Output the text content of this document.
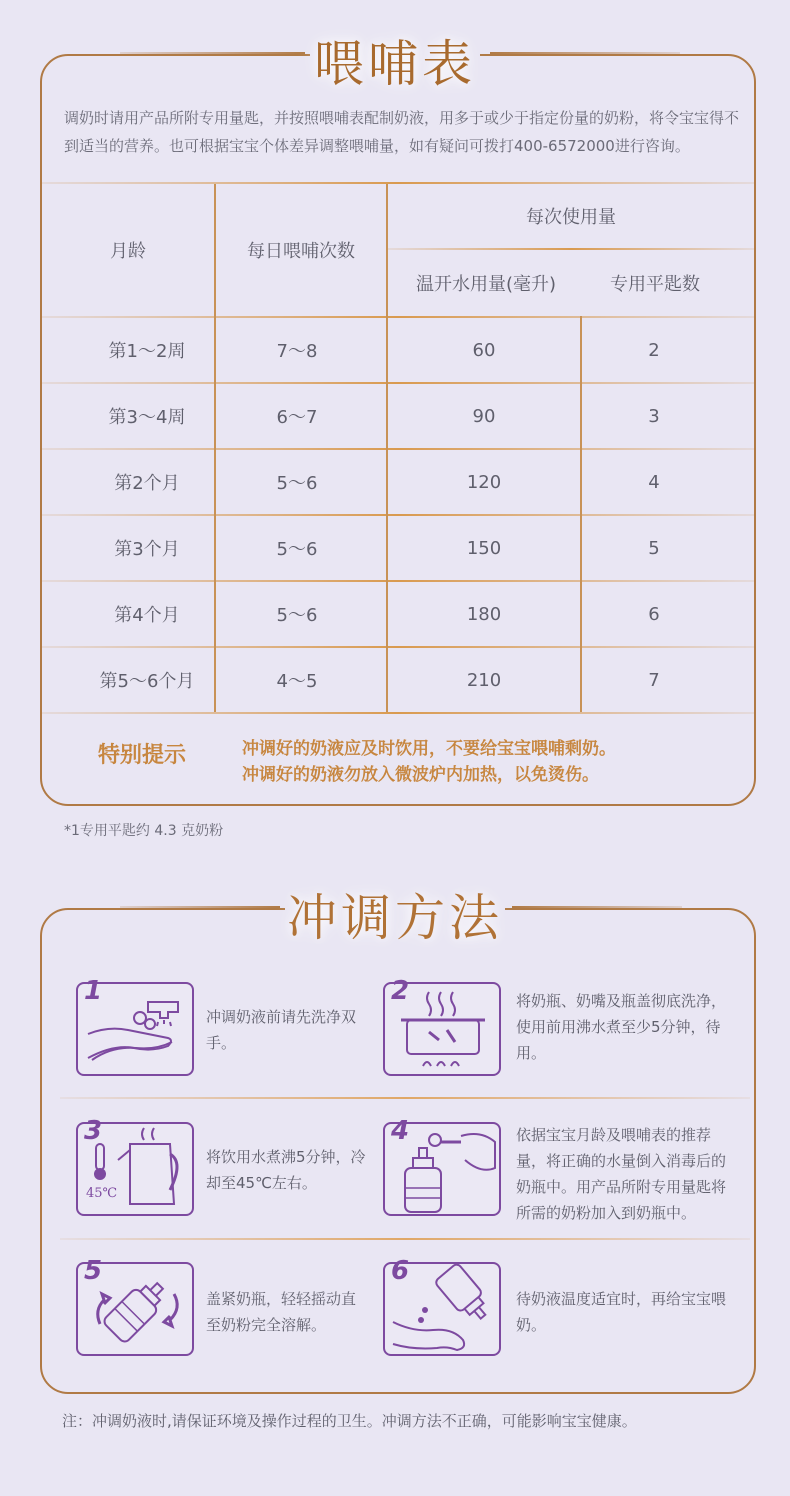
喂哺表
调奶时请用产品所附专用量匙，并按照喂哺表配制奶液，用多于或少于指定份量的奶粉，将令宝宝得不到适当的营养。也可根据宝宝个体差异调整喂哺量，如有疑问可拨打400-6572000进行咨询。
月龄	每日喂哺次数
每次使用量
温开水用量(毫升)	专用平匙数
第1～2周	7～8	60	2
第3～4周	6～7	90	3
第2个月	5～6	120	4
第3个月	5～6	150	5
第4个月	5～6	180	6
第5～6个月	4～5	210	7
特别提示	冲调好的奶液应及时饮用，不要给宝宝喂哺剩奶。
冲调好的奶液勿放入微波炉内加热，以免烫伤。
*1专用平匙约 4.3 克奶粉
冲调方法
1
冲调奶液前请先洗净双手。
2	将奶瓶、奶嘴及瓶盖彻底洗净，使用前用沸水煮至少5分钟，待用。
3
45℃
将饮用水煮沸5分钟，冷却至45℃左右。
4	依据宝宝月龄及喂哺表的推荐量，将正确的水量倒入消毒后的奶瓶中。用产品所附专用量匙将所需的奶粉加入到奶瓶中。
5
盖紧奶瓶，轻轻摇动直至奶粉完全溶解。
6
待奶液温度适宜时，再给宝宝喂奶。
注：冲调奶液时,请保证环境及操作过程的卫生。冲调方法不正确，可能影响宝宝健康。
